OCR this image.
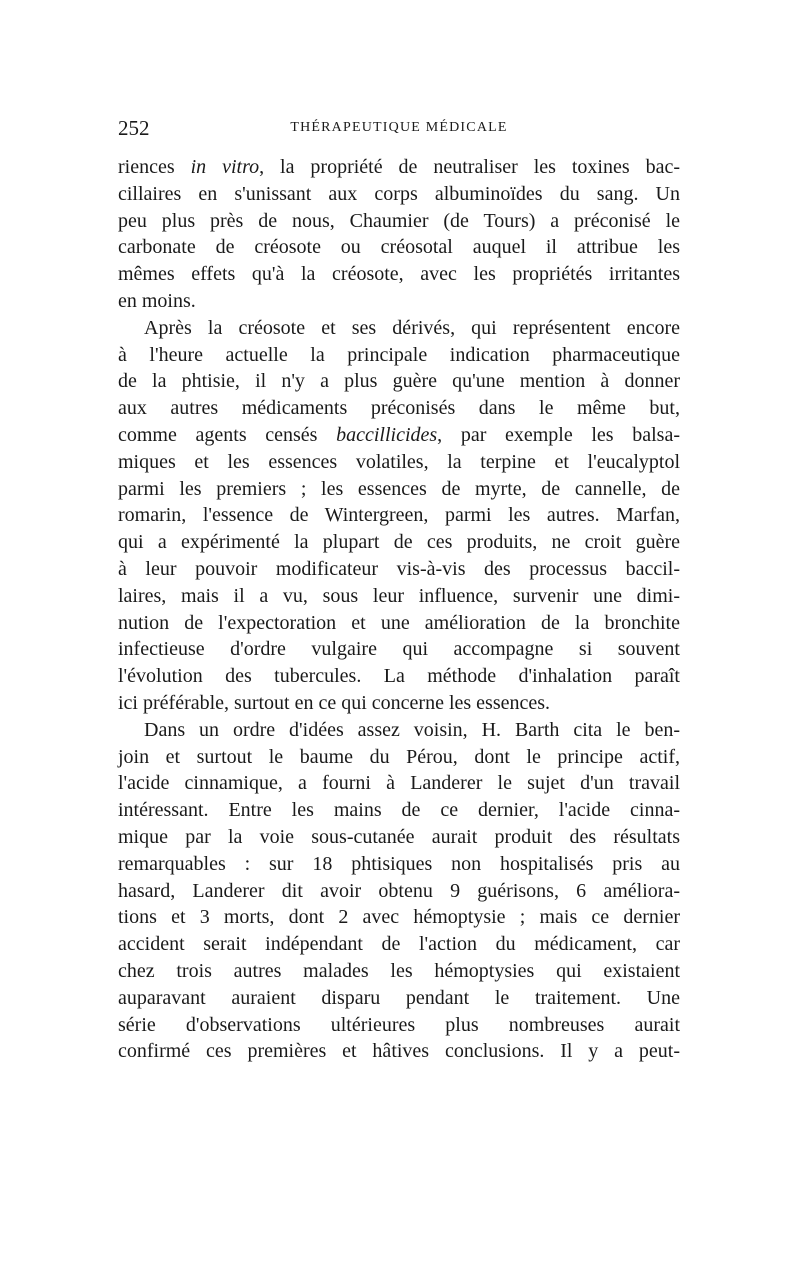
252	THÉRAPEUTIQUE MÉDICALE
riences in vitro, la propriété de neutraliser les toxines bac-
cillaires en s'unissant aux corps albuminoïdes du sang. Un
peu plus près de nous, Chaumier (de Tours) a préconisé le
carbonate de créosote ou créosotal auquel il attribue les
mêmes effets qu'à la créosote, avec les propriétés irritantes
en moins.
Après la créosote et ses dérivés, qui représentent encore
à l'heure actuelle la principale indication pharmaceutique
de la phtisie, il n'y a plus guère qu'une mention à donner
aux autres médicaments préconisés dans le même but,
comme agents censés baccillicides, par exemple les balsa-
miques et les essences volatiles, la terpine et l'eucalyptol
parmi les premiers ; les essences de myrte, de cannelle, de
romarin, l'essence de Wintergreen, parmi les autres. Marfan,
qui a expérimenté la plupart de ces produits, ne croit guère
à leur pouvoir modificateur vis-à-vis des processus baccil-
laires, mais il a vu, sous leur influence, survenir une dimi-
nution de l'expectoration et une amélioration de la bronchite
infectieuse d'ordre vulgaire qui accompagne si souvent
l'évolution des tubercules. La méthode d'inhalation paraît
ici préférable, surtout en ce qui concerne les essences.
Dans un ordre d'idées assez voisin, H. Barth cita le ben-
join et surtout le baume du Pérou, dont le principe actif,
l'acide cinnamique, a fourni à Landerer le sujet d'un travail
intéressant. Entre les mains de ce dernier, l'acide cinna-
mique par la voie sous-cutanée aurait produit des résultats
remarquables : sur 18 phtisiques non hospitalisés pris au
hasard, Landerer dit avoir obtenu 9 guérisons, 6 améliora-
tions et 3 morts, dont 2 avec hémoptysie ; mais ce dernier
accident serait indépendant de l'action du médicament, car
chez trois autres malades les hémoptysies qui existaient
auparavant auraient disparu pendant le traitement. Une
série d'observations ultérieures plus nombreuses aurait
confirmé ces premières et hâtives conclusions. Il y a peut-
